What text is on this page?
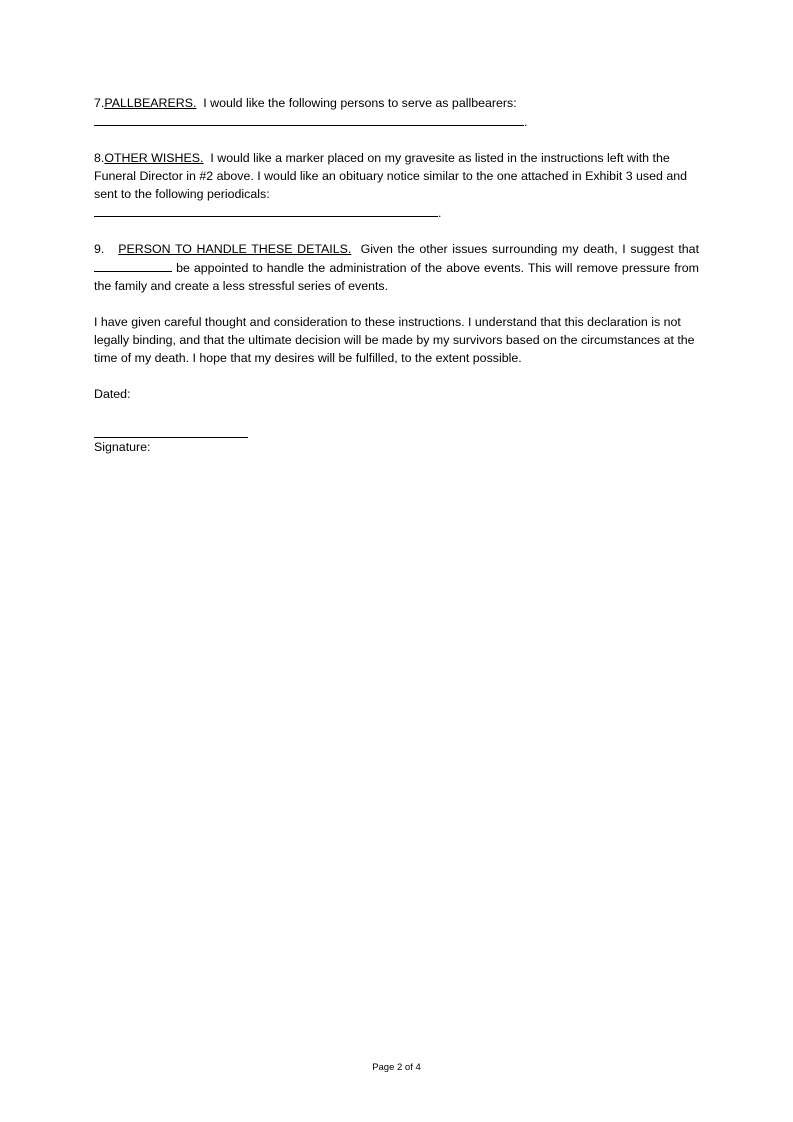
7.PALLBEARERS. I would like the following persons to serve as pallbearers:

.

8.OTHER WISHES. I would like a marker placed on my gravesite as listed in the instructions left with the Funeral Director in #2 above. I would like an obituary notice similar to the one attached in Exhibit 3 used and sent to the following periodicals:

.

9. PERSON TO HANDLE THESE DETAILS. Given the other issues surrounding my death, I suggest that  be appointed to handle the administration of the above events. This will remove pressure from the family and create a less stressful series of events.

I have given careful thought and consideration to these instructions. I understand that this declaration is not legally binding, and that the ultimate decision will be made by my survivors based on the circumstances at the time of my death. I hope that my desires will be fulfilled, to the extent possible.

Dated:

Signature:

Page 2 of 4
